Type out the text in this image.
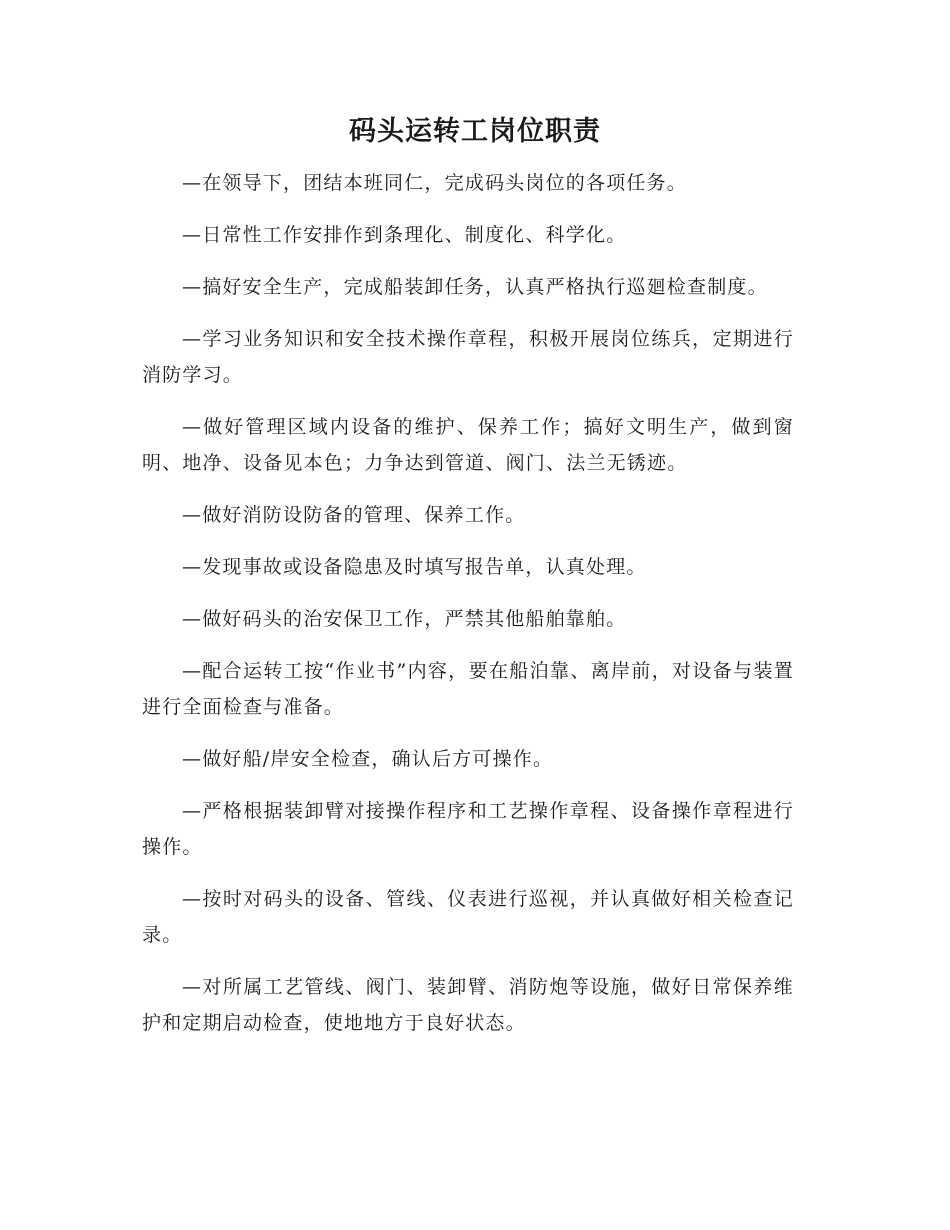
码头运转工岗位职责

—在领导下，团结本班同仁，完成码头岗位的各项任务。

—日常性工作安排作到条理化、制度化、科学化。

—搞好安全生产，完成船装卸任务，认真严格执行巡廻检查制度。

—学习业务知识和安全技术操作章程，积极开展岗位练兵，定期进行消防学习。

—做好管理区域内设备的维护、保养工作；搞好文明生产，做到窗明、地净、设备见本色；力争达到管道、阀门、法兰无锈迹。

—做好消防设防备的管理、保养工作。

—发现事故或设备隐患及时填写报告单，认真处理。

—做好码头的治安保卫工作，严禁其他船舶靠舶。

—配合运转工按“作业书”内容，要在船泊靠、离岸前，对设备与装置进行全面检查与准备。

—做好船/岸安全检查，确认后方可操作。

—严格根据装卸臂对接操作程序和工艺操作章程、设备操作章程进行操作。

—按时对码头的设备、管线、仪表进行巡视，并认真做好相关检查记录。

—对所属工艺管线、阀门、装卸臂、消防炮等设施，做好日常保养维护和定期启动检查，使地地方于良好状态。
